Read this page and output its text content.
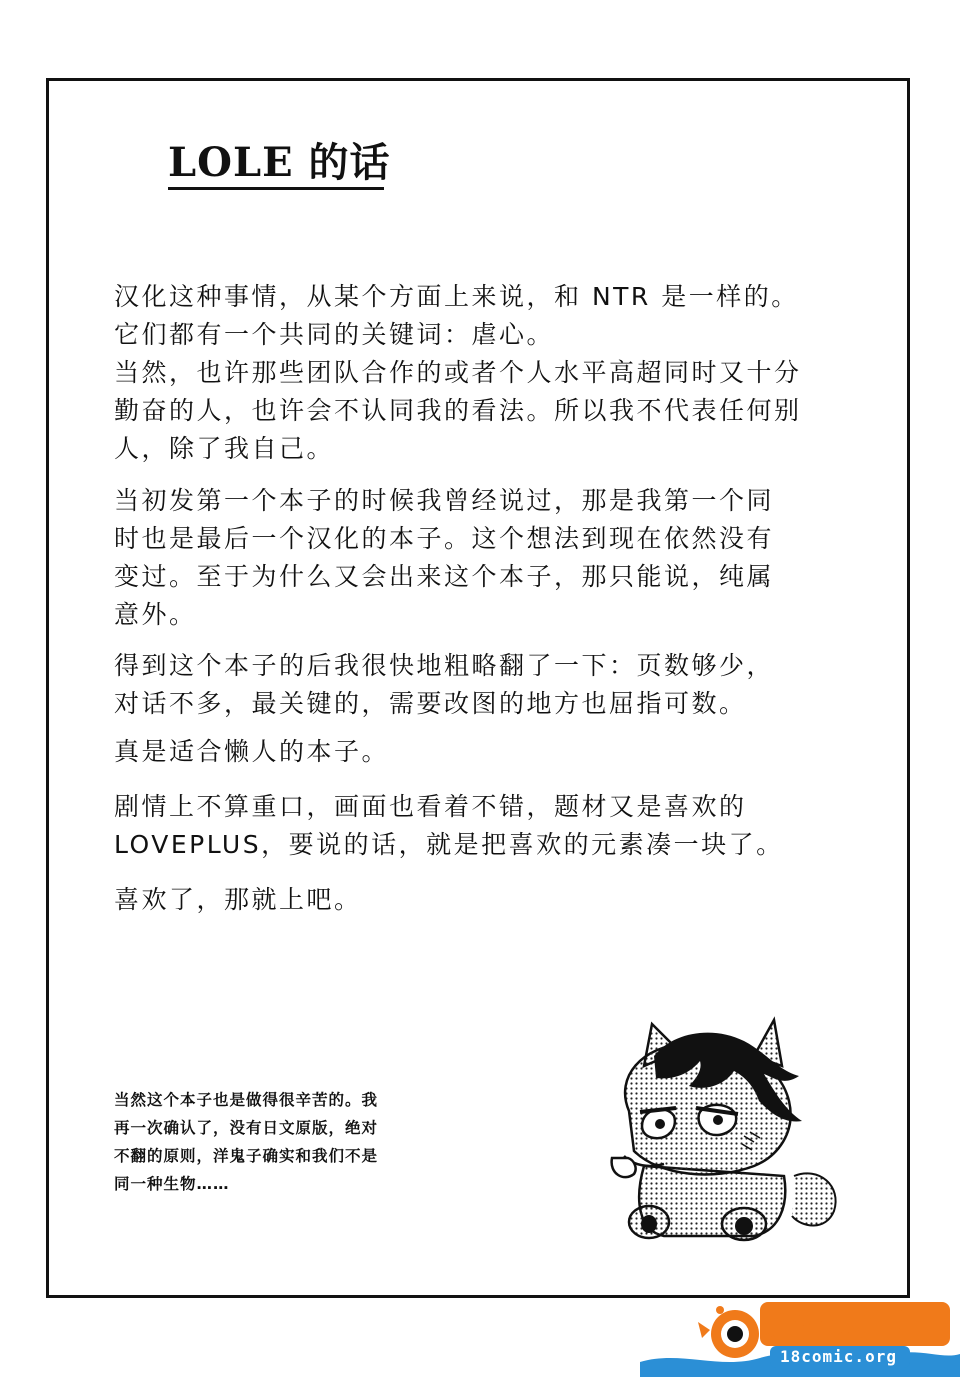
LOLE 的话
汉化这种事情，从某个方面上来说，和 NTR 是一样的。
它们都有一个共同的关键词：虐心。
当然，也许那些团队合作的或者个人水平高超同时又十分
勤奋的人，也许会不认同我的看法。所以我不代表任何别
人，除了我自己。
当初发第一个本子的时候我曾经说过，那是我第一个同
时也是最后一个汉化的本子。这个想法到现在依然没有
变过。至于为什么又会出来这个本子，那只能说，纯属
意外。
得到这个本子的后我很快地粗略翻了一下：页数够少，
对话不多，最关键的，需要改图的地方也屈指可数。
真是适合懒人的本子。
剧情上不算重口，画面也看着不错，题材又是喜欢的
LOVEPLUS，要说的话，就是把喜欢的元素凑一块了。
喜欢了，那就上吧。
当然这个本子也是做得很辛苦的。我
再一次确认了，没有日文原版，绝对
不翻的原则，洋鬼子确实和我们不是
同一种生物……
禁漫天堂
18comic.org
